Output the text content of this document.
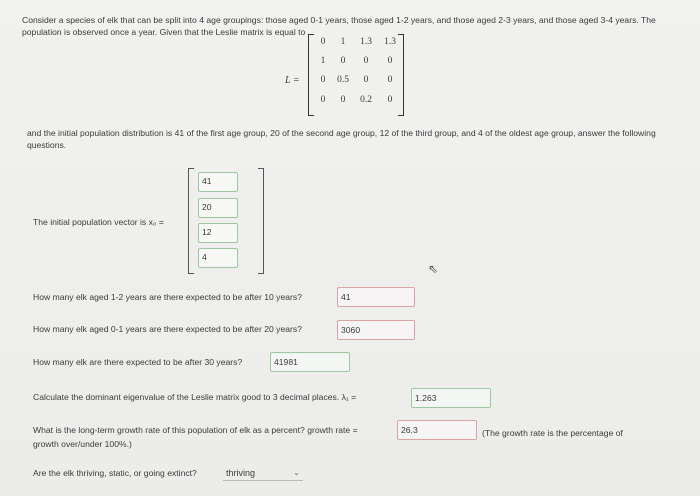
Consider a species of elk that can be split into 4 age groupings: those aged 0-1 years, those aged 1-2 years, and those aged 2-3 years, and those aged 3-4 years. The population is observed once a year. Given that the Leslie matrix is equal to
L =
0	1	1.3	1.3
1	0	0	0
0	0.5	0	0
0	0	0.2	0
and the initial population distribution is 41 of the first age group, 20 of the second age group, 12 of the third group, and 4 of the oldest age group, answer the following questions.
The initial population vector is x₀ =
41
20
12
4
⇖
How many elk aged 1-2 years are there expected to be after 10 years?	41
How many elk aged 0-1 years are there expected to be after 20 years?	3060
How many elk are there expected to be after 30 years?	41981
Calculate the dominant eigenvalue of the Leslie matrix good to 3 decimal places. λ₁ =	1.263
What is the long-term growth rate of this population of elk as a percent? growth rate =	26.3	(The growth rate is the percentage of
growth over/under 100%.)
Are the elk thriving, static, or going extinct?	thriving	⌄
